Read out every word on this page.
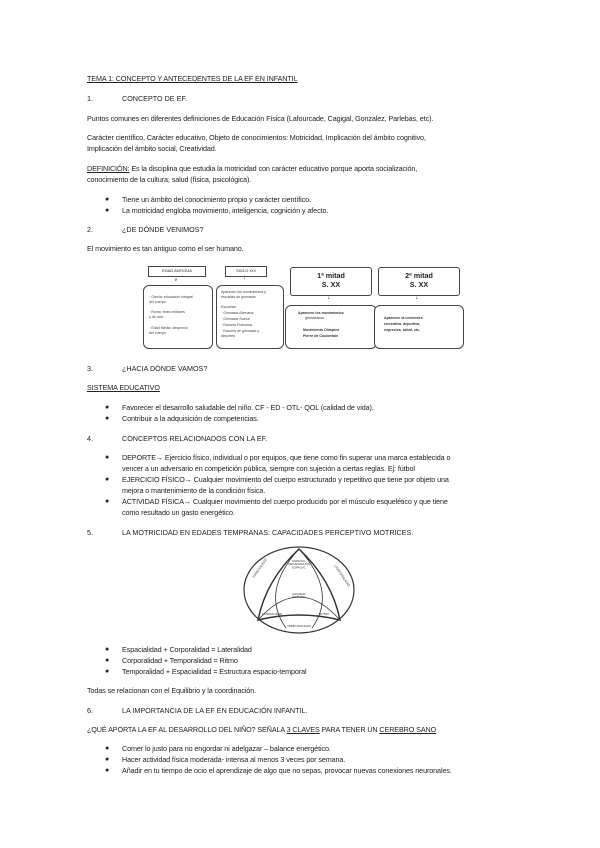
TEMA 1: CONCEPTO Y ANTECEDENTES DE LA EF EN INFANTIL
1.	CONCEPTO DE EF.
Puntos comunes en diferentes definiciones de Educación Física (Lafourcade, Cagigal, Gonzalez, Parlebas, etc).
Carácter científico, Carácter educativo, Objeto de conocimientos: Motricidad, Implicación del ámbito cognitivo,
Implicación del ámbito social, Creatividad.
DEFINICIÓN: Es la disciplina que estudia la motricidad con carácter educativo porque aporta socialización,
conocimiento de la cultura, salud (física, psicológica).
● Tiene un ámbito del conocimiento propio y carácter científico.
● La motricidad engloba movimiento, inteligencia, cognición y afecto.
2.	¿DE DÓNDE VENIMOS?
El movimiento es tan antiguo como el ser humano.
EDAD ANTIGUA
∨
· Grecia: educación integral
del cuerpo
· Roma: fines militares
y de ocio
· Edad Media: desprecio
del cuerpo
SIGLO XIX
↓
Aparecen los movimientos y
escuelas de gimnasia
Escuelas:
· Gimnasia Alemana
· Gimnasia Sueca
· Escuela Francesa
· Escuela de gimnasia y
deportes
1ª mitad
S. XX
↓
Aparecen los movimientos
gimnásticos
Movimiento Olímpico
Pierre de Coubertain
2ª mitad
S. XX
↓
Aparecen la corrientes
recreativa, deportiva,
expresiva, salud, etc.
3.	¿HACIA DÓNDE VAMOS?
SISTEMA EDUCATIVO
● Favorecer el desarrollo saludable del niño. CF - ED - OTL- QOL (calidad de vida).
● Contribuir a la adquisición de competencias.
4.	CONCEPTOS RELACIONADOS CON LA EF.
● DEPORTE→ Ejercicio físico, individual o por equipos, que tiene como fin superar una marca establecida o
vencer a un adversario en competición pública, siempre con sujeción a ciertas reglas. Ej: fútbol
● EJERCICIO FÍSICO→ Cualquier movimiento del cuerpo estructurado y repetitivo que tiene por objeto una
mejora o mantenimiento de la condición física.
● ACTIVIDAD FÍSICA→ Cualquier movimiento del cuerpo producido por el músculo esquelético y que tiene
como resultado un gasto energético.
5.	LA MOTRICIDAD EN EDADES TEMPRANAS: CAPACIDADES PERCEPTIVO MOTRICES.
ESPACIO-ORGANIZACIÓN ESPACIAL
ESPACIALIDAD	CORPORALIDAD
ESQUEMA CORPORAL
LATERALIDAD	RITMO
TEMPORALIDAD
● Espacialidad + Corporalidad = Lateralidad
● Corporalidad + Temporalidad = Ritmo
● Temporalidad + Espacialidad = Estructura espacio-temporal
Todas se relacionan con el Equilibrio y la coordinación.
6.	LA IMPORTANCIA DE LA EF EN EDUCACIÓN INFANTIL.
¿QUÉ APORTA LA EF AL DESARROLLO DEL NIÑO? SEÑALA 3 CLAVES PARA TENER UN CEREBRO SANO
● Comer lo justo para no engordar ni adelgazar – balance energético.
● Hacer actividad física moderada- intensa al menos 3 veces por semana.
● Añadir en tu tiempo de ocio el aprendizaje de algo que no sepas, provocar nuevas conexiones neuronales.
